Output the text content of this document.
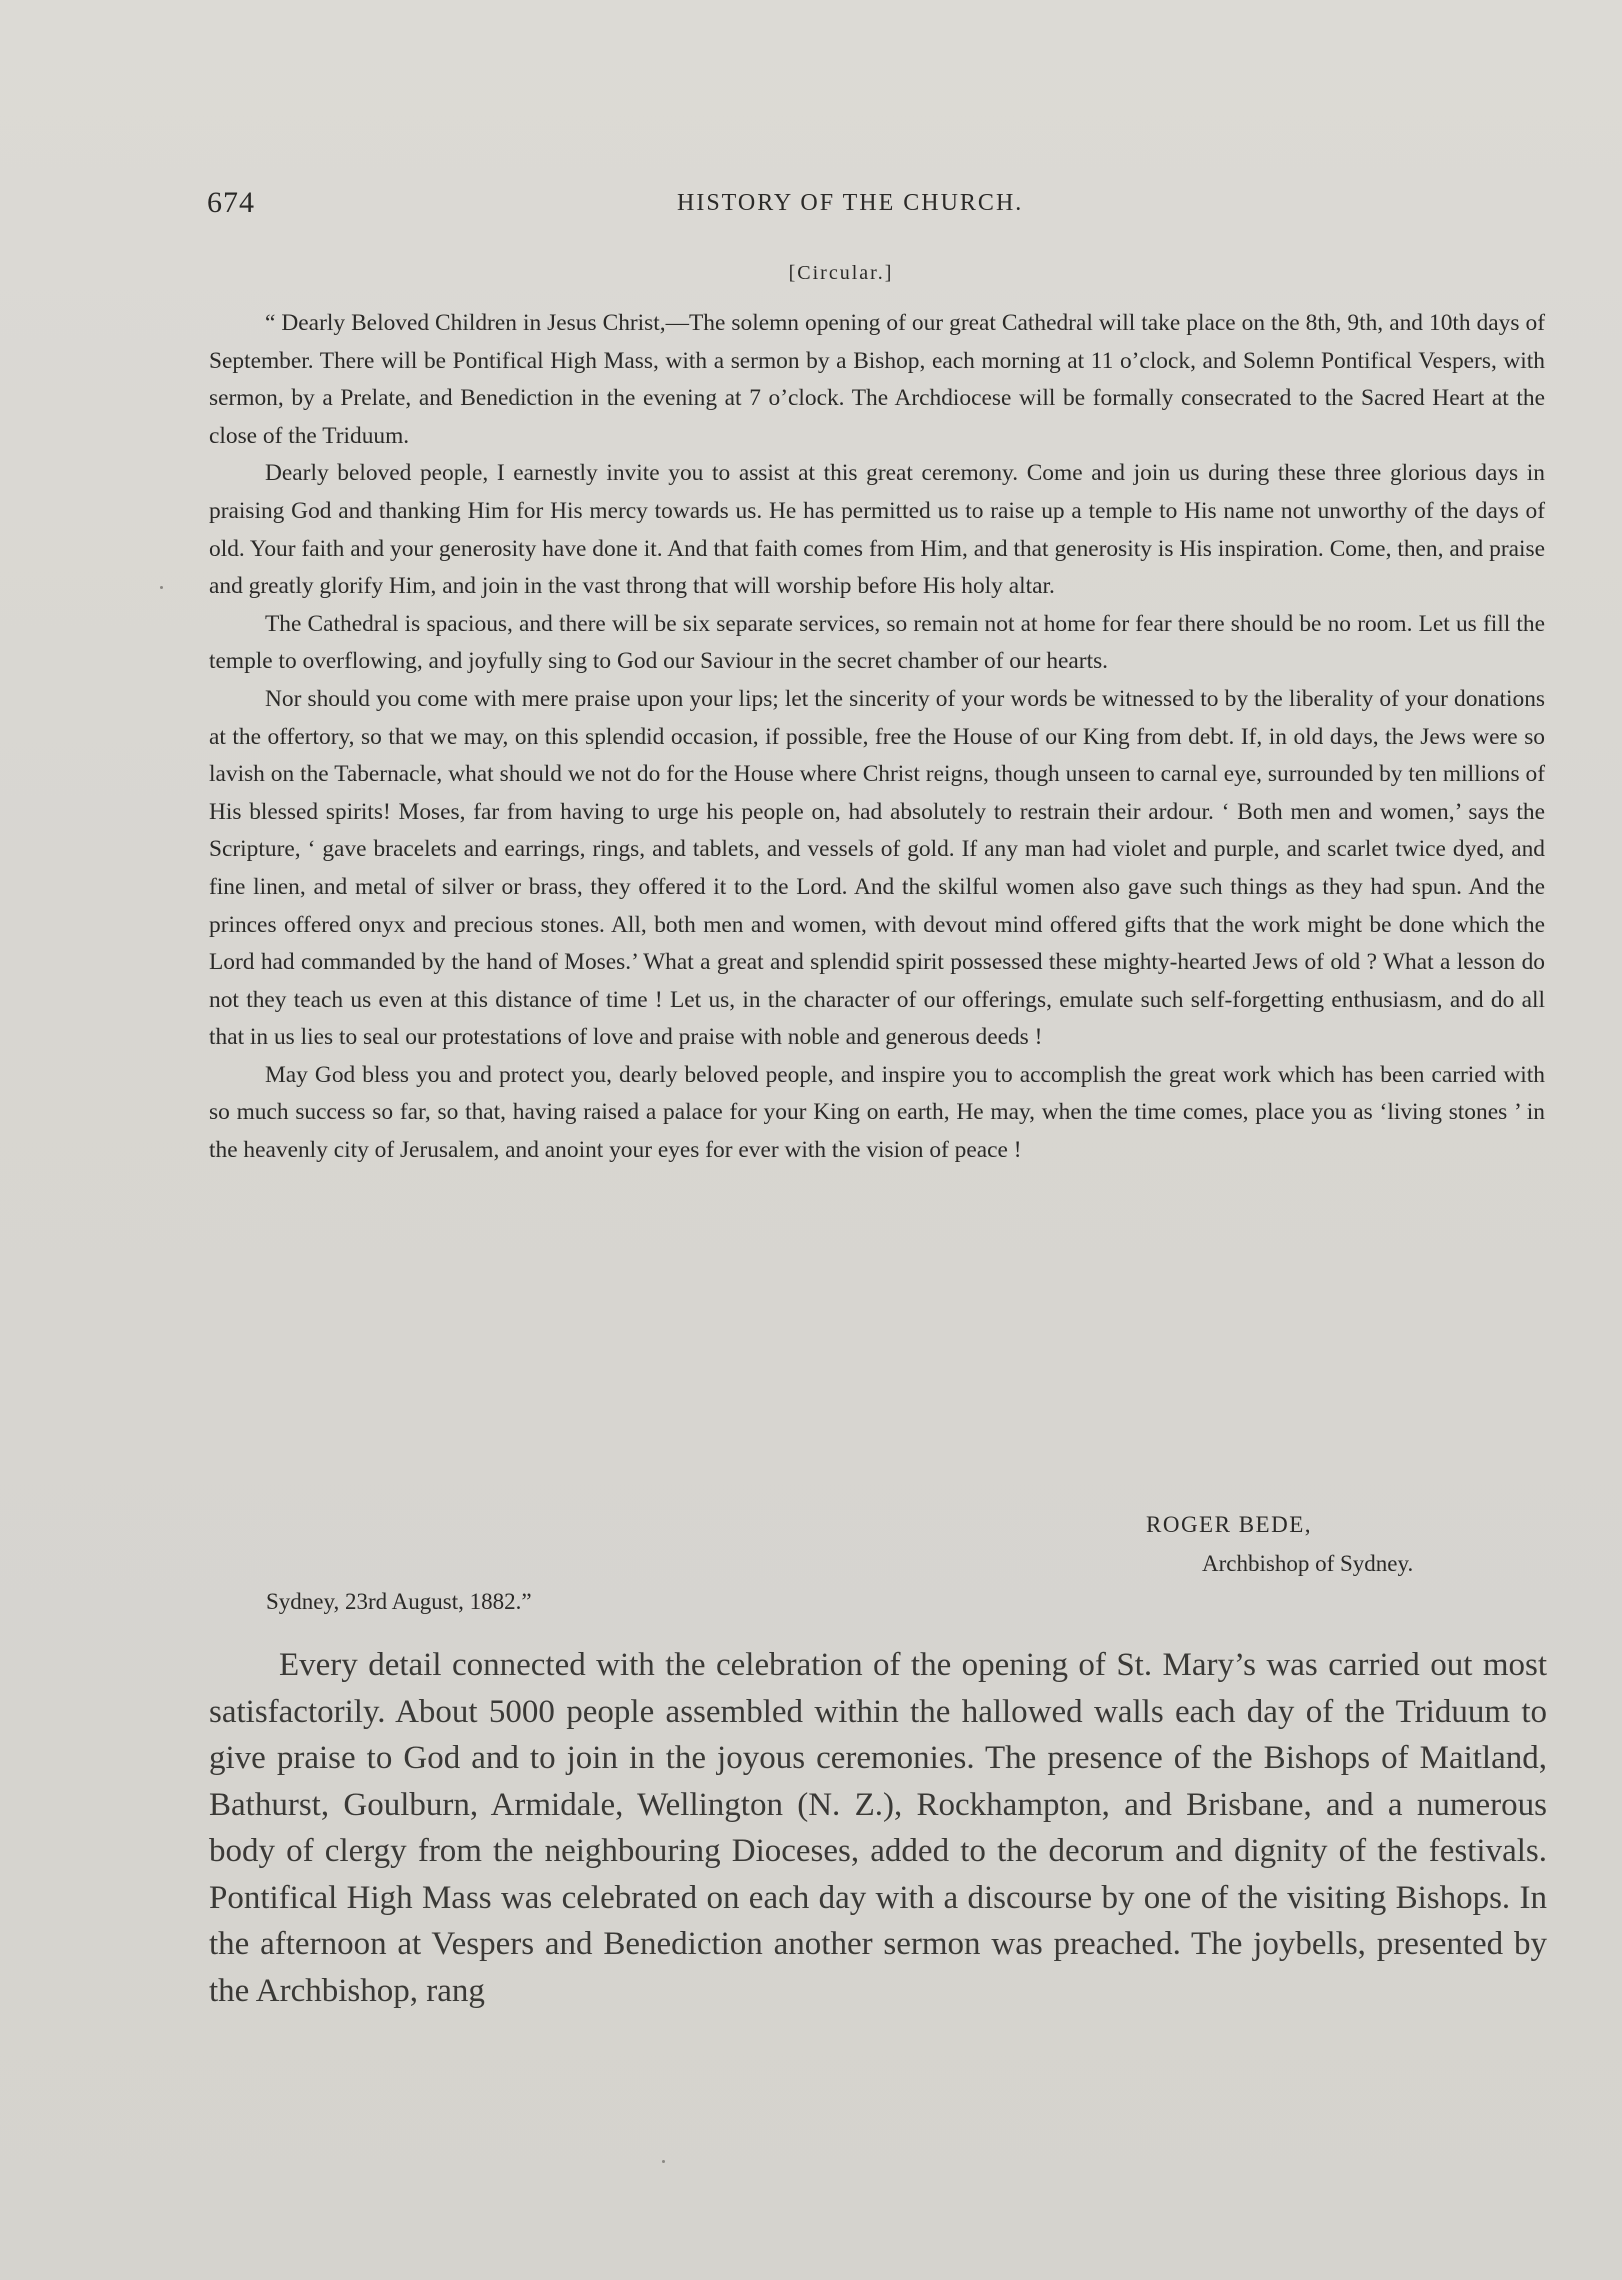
674	HISTORY OF THE CHURCH.
[Circular.]

“ Dearly Beloved Children in Jesus Christ,—The solemn opening of our great Cathedral will take place on the 8th, 9th, and 10th days of September. There will be Pontifical High Mass, with a sermon by a Bishop, each morning at 11 o’clock, and Solemn Pontifical Vespers, with sermon, by a Prelate, and Benediction in the evening at 7 o’clock. The Archdiocese will be formally consecrated to the Sacred Heart at the close of the Triduum.

Dearly beloved people, I earnestly invite you to assist at this great ceremony. Come and join us during these three glorious days in praising God and thanking Him for His mercy towards us. He has permitted us to raise up a temple to His name not unworthy of the days of old. Your faith and your generosity have done it. And that faith comes from Him, and that generosity is His inspiration. Come, then, and praise and greatly glorify Him, and join in the vast throng that will worship before His holy altar.

The Cathedral is spacious, and there will be six separate services, so remain not at home for fear there should be no room. Let us fill the temple to overflowing, and joyfully sing to God our Saviour in the secret chamber of our hearts.

Nor should you come with mere praise upon your lips; let the sincerity of your words be witnessed to by the liberality of your donations at the offertory, so that we may, on this splendid occasion, if possible, free the House of our King from debt. If, in old days, the Jews were so lavish on the Tabernacle, what should we not do for the House where Christ reigns, though unseen to carnal eye, surrounded by ten millions of His blessed spirits! Moses, far from having to urge his people on, had absolutely to restrain their ardour. ‘ Both men and women,’ says the Scripture, ‘ gave bracelets and earrings, rings, and tablets, and vessels of gold. If any man had violet and purple, and scarlet twice dyed, and fine linen, and metal of silver or brass, they offered it to the Lord. And the skilful women also gave such things as they had spun. And the princes offered onyx and precious stones. All, both men and women, with devout mind offered gifts that the work might be done which the Lord had commanded by the hand of Moses.’ What a great and splendid spirit possessed these mighty-hearted Jews of old ? What a lesson do not they teach us even at this distance of time ! Let us, in the character of our offerings, emulate such self-forgetting enthusiasm, and do all that in us lies to seal our protestations of love and praise with noble and generous deeds !

May God bless you and protect you, dearly beloved people, and inspire you to accomplish the great work which has been carried with so much success so far, so that, having raised a palace for your King on earth, He may, when the time comes, place you as ‘living stones ’ in the heavenly city of Jerusalem, and anoint your eyes for ever with the vision of peace !

ROGER BEDE,
Archbishop of Sydney.
Sydney, 23rd August, 1882.”

Every detail connected with the celebration of the opening of St. Mary’s was carried out most satisfactorily. About 5000 people assembled within the hallowed walls each day of the Triduum to give praise to God and to join in the joyous ceremonies. The presence of the Bishops of Maitland, Bathurst, Goulburn, Armidale, Wellington (N. Z.), Rockhampton, and Brisbane, and a numerous body of clergy from the neighbouring Dioceses, added to the decorum and dignity of the festivals. Pontifical High Mass was celebrated on each day with a discourse by one of the visiting Bishops. In the afternoon at Vespers and Benediction another sermon was preached. The joybells, presented by the Archbishop, rang
